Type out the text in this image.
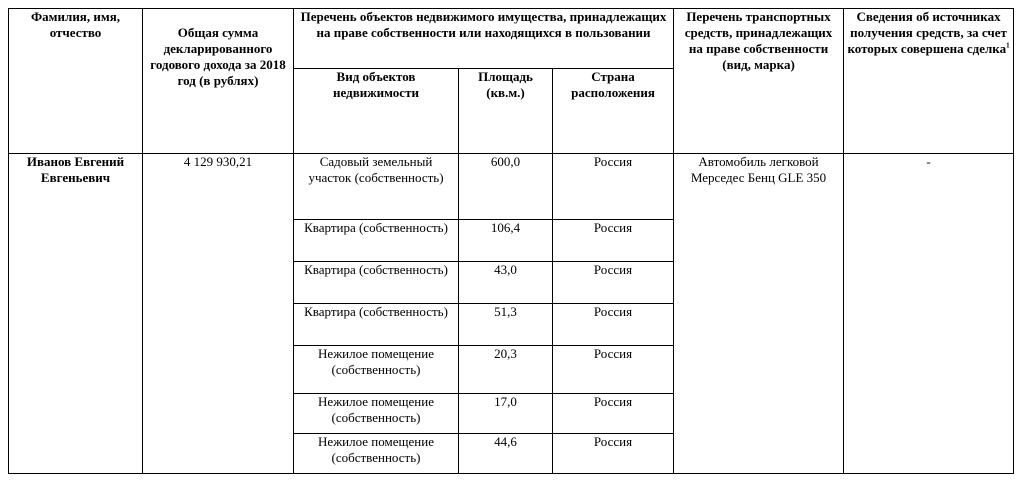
Фамилия, имя, отчество	Общая сумма декларированного годового дохода за 2018 год (в рублях)	Перечень объектов недвижимого имущества, принадлежащих на праве собственности или находящихся в пользовании			Перечень транспортных средств, принадлежащих на праве собственности (вид, марка)	Сведения об источниках получения средств, за счет которых совершена сделка$^1$
		Вид объектов недвижимости	Площадь (кв.м.)	Страна расположения		
Иванов Евгений Евгеньевич	4 129 930,21	Садовый земельный участок (собственность)	600,0	Россия	Автомобиль легковой Мерседес Бенц GLE 350	-
		Квартира (собственность)	106,4	Россия		
		Квартира (собственность)	43,0	Россия		
		Квартира (собственность)	51,3	Россия		
		Нежилое помещение (собственность)	20,3	Россия		
		Нежилое помещение (собственность)	17,0	Россия		
		Нежилое помещение (собственность)	44,6	Россия		
